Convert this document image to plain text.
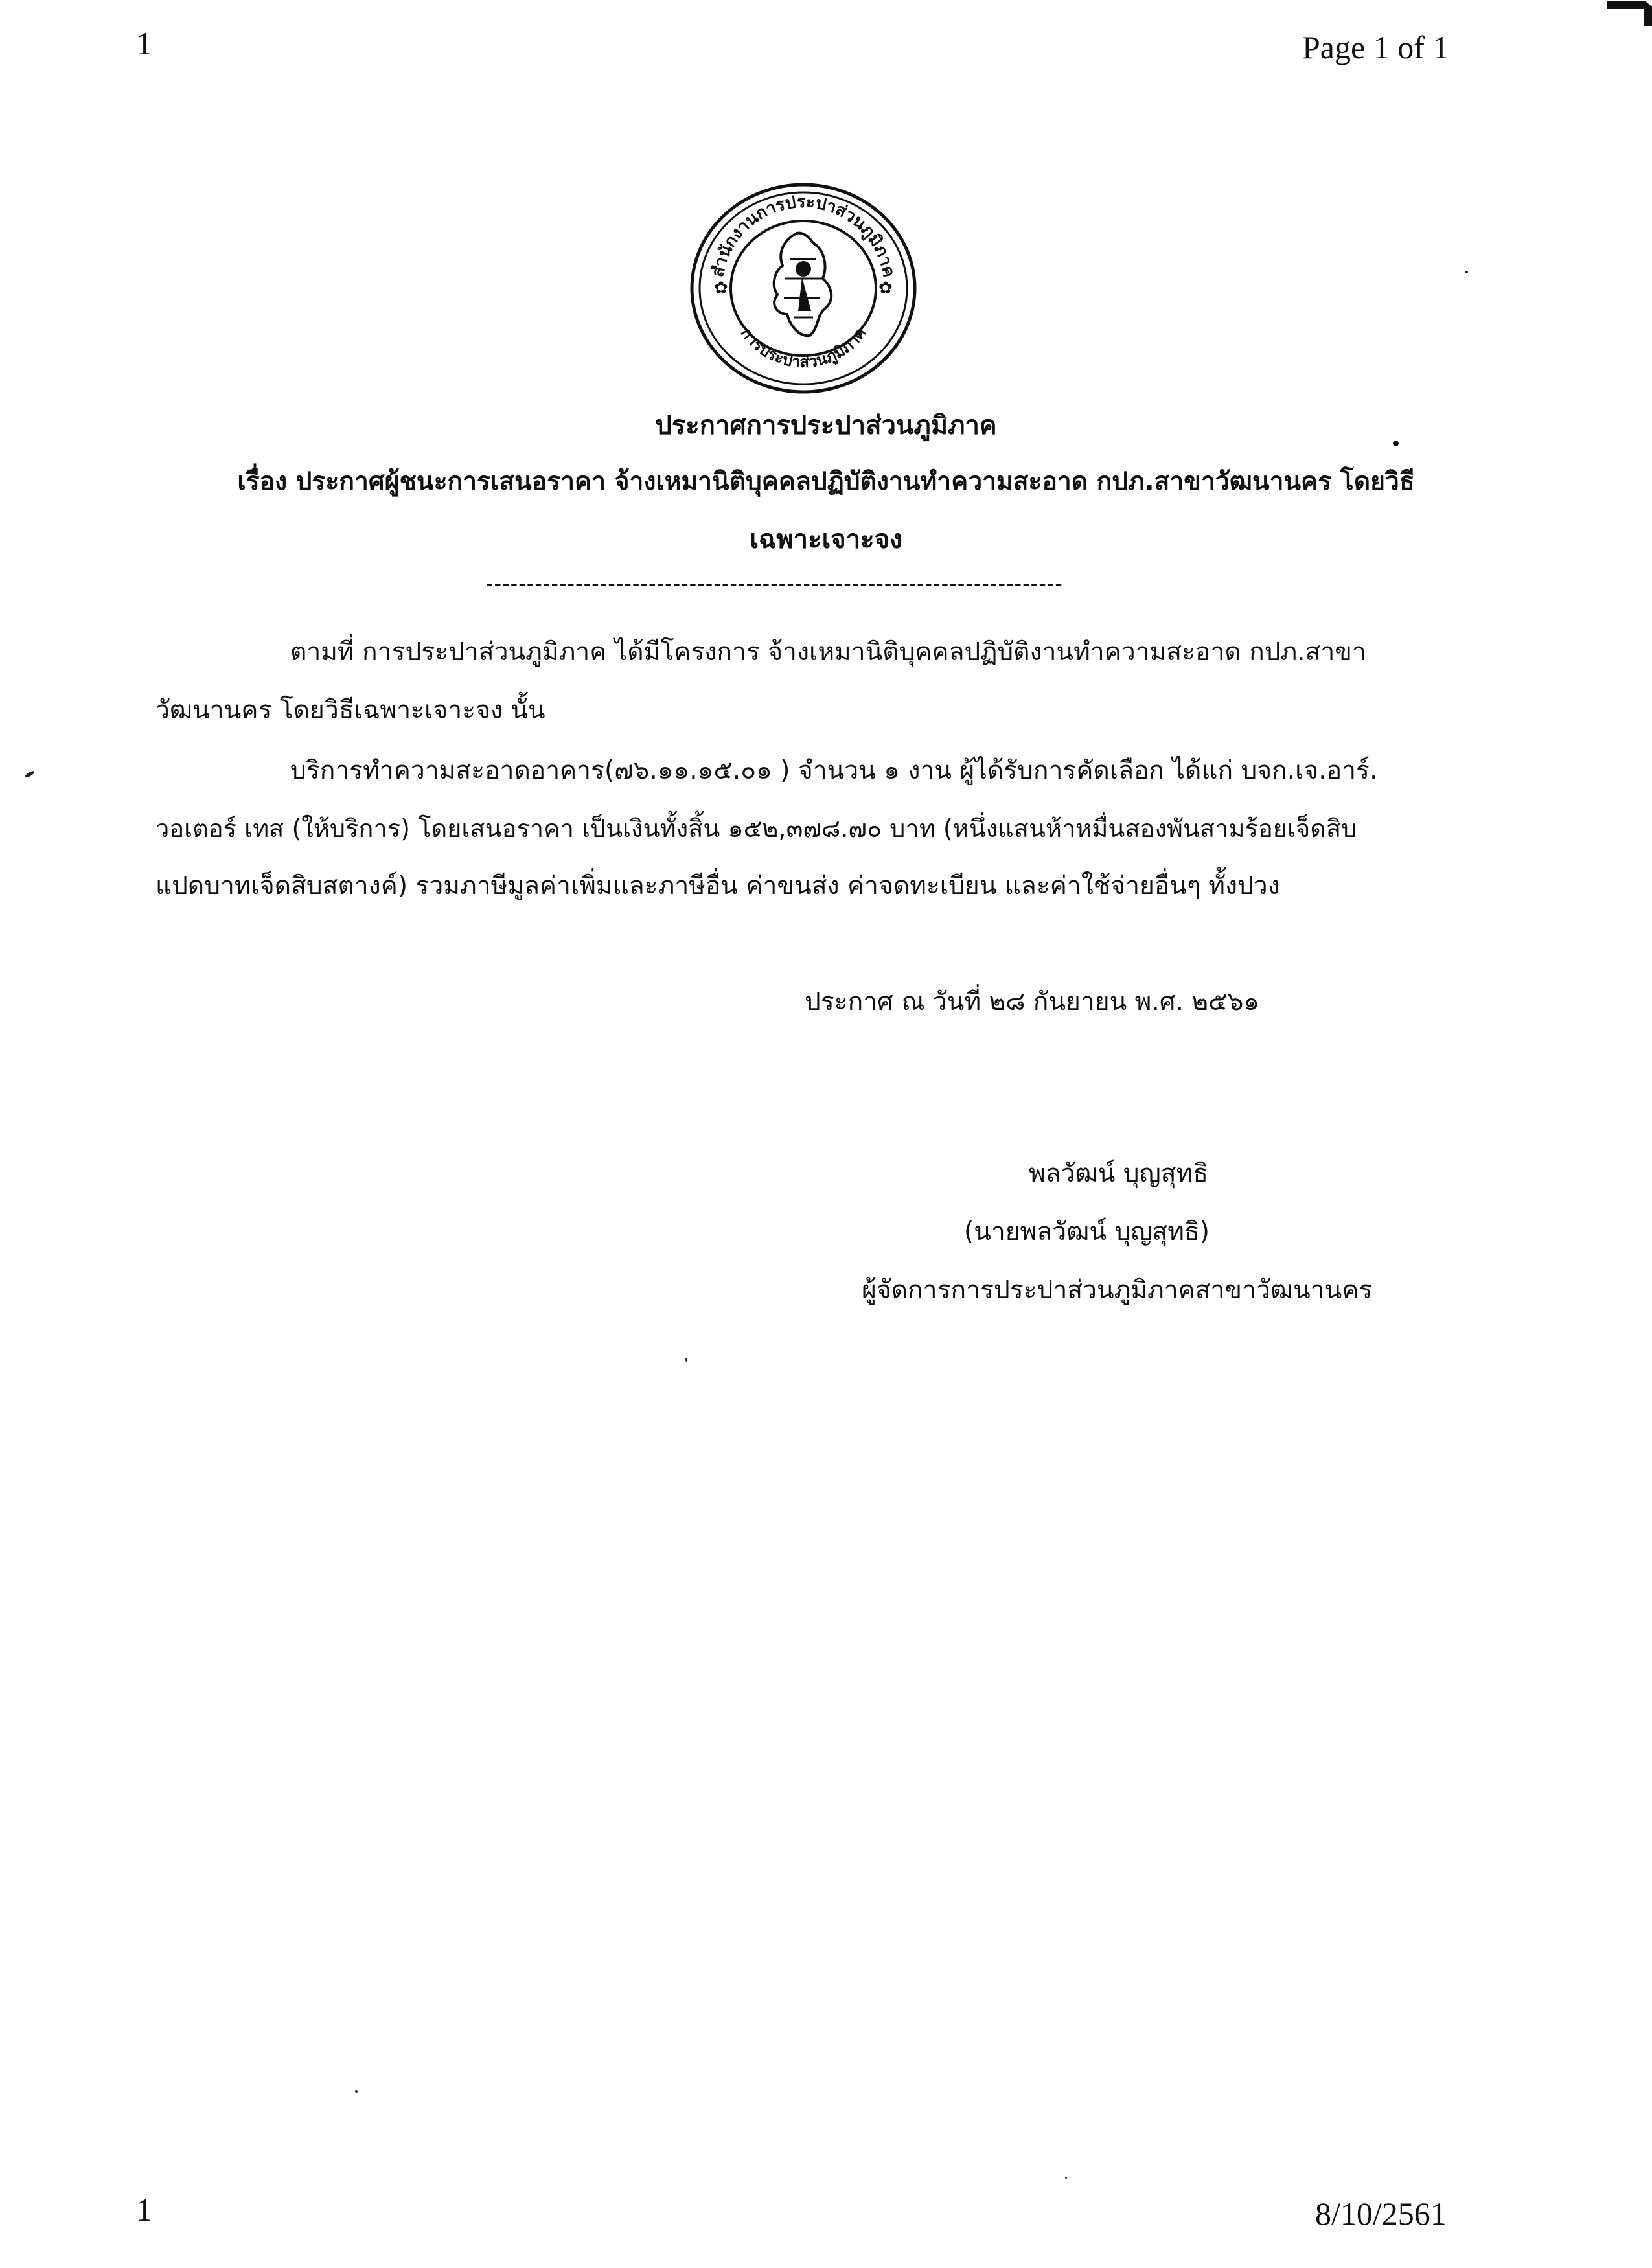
1	Page 1 of 1
สำนักงานการประปาส่วนภูมิภาค
การประปาส่วนภูมิภาค
✿	✿
ประกาศการประปาส่วนภูมิภาค
เรื่อง ประกาศผู้ชนะการเสนอราคา จ้างเหมานิติบุคคลปฏิบัติงานทำความสะอาด กปภ.สาขาวัฒนานคร โดยวิธี
เฉพาะเจาะจง
-----------------------------------------------------------------------
ตามที่ การประปาส่วนภูมิภาค ได้มีโครงการ จ้างเหมานิติบุคคลปฏิบัติงานทำความสะอาด กปภ.สาขา
วัฒนานคร โดยวิธีเฉพาะเจาะจง นั้น
บริการทำความสะอาดอาคาร(๗๖.๑๑.๑๕.๐๑ ) จำนวน ๑ งาน ผู้ได้รับการคัดเลือก ได้แก่ บจก.เจ.อาร์.
วอเตอร์ เทส (ให้บริการ) โดยเสนอราคา เป็นเงินทั้งสิ้น ๑๕๒,๓๗๘.๗๐ บาท (หนึ่งแสนห้าหมื่นสองพันสามร้อยเจ็ดสิบ
แปดบาทเจ็ดสิบสตางค์) รวมภาษีมูลค่าเพิ่มและภาษีอื่น ค่าขนส่ง ค่าจดทะเบียน และค่าใช้จ่ายอื่นๆ ทั้งปวง
ประกาศ ณ วันที่ ๒๘ กันยายน พ.ศ. ๒๕๖๑
พลวัฒน์ บุญสุทธิ
(นายพลวัฒน์ บุญสุทธิ)
ผู้จัดการการประปาส่วนภูมิภาคสาขาวัฒนานคร
1	8/10/2561
